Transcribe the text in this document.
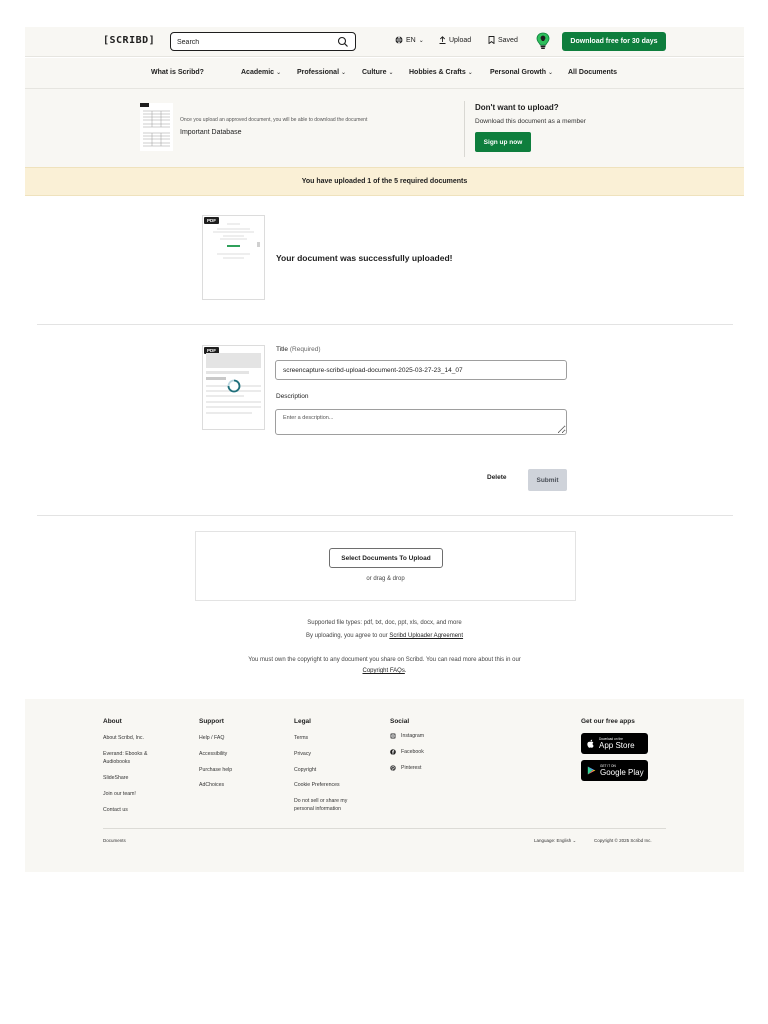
[SCRIBD]
Search	EN ⌄	Upload	Saved	Download free for 30 days
What is Scribd?	Academic ⌄ Professional ⌄ Culture ⌄ Hobbies & Crafts ⌄ Personal Growth ⌄ All Documents
Once you upload an approved document, you will be able to download the document
Important Database
Don't want to upload?
Download this document as a member
Sign up now
You have uploaded 1 of the 5 required documents
PDF
Your document was successfully uploaded!
PDF	Title (Required)
screencapture-scribd-upload-document-2025-03-27-23_14_07
Description
Enter a description...
Delete	Submit
Select Documents To Upload
or drag & drop
Supported file types: pdf, txt, doc, ppt, xls, docx, and more
By uploading, you agree to our Scribd Uploader Agreement
You must own the copyright to any document you share on Scribd. You can read more about this in our
Copyright FAQs.
About
About Scribd, Inc.
Everand: Ebooks & Audiobooks
SlideShare
Join our team!
Contact us
Support
Help / FAQ
Accessibility
Purchase help
AdChoices
Legal
Terms
Privacy
Copyright
Cookie Preferences
Do not sell or share my personal information
Social
Instagram
Facebook
Pinterest
Get our free apps
Download on the
App Store
GET IT ON
Google Play
Documents	Language: English ⌄	Copyright © 2025 Scribd Inc.
